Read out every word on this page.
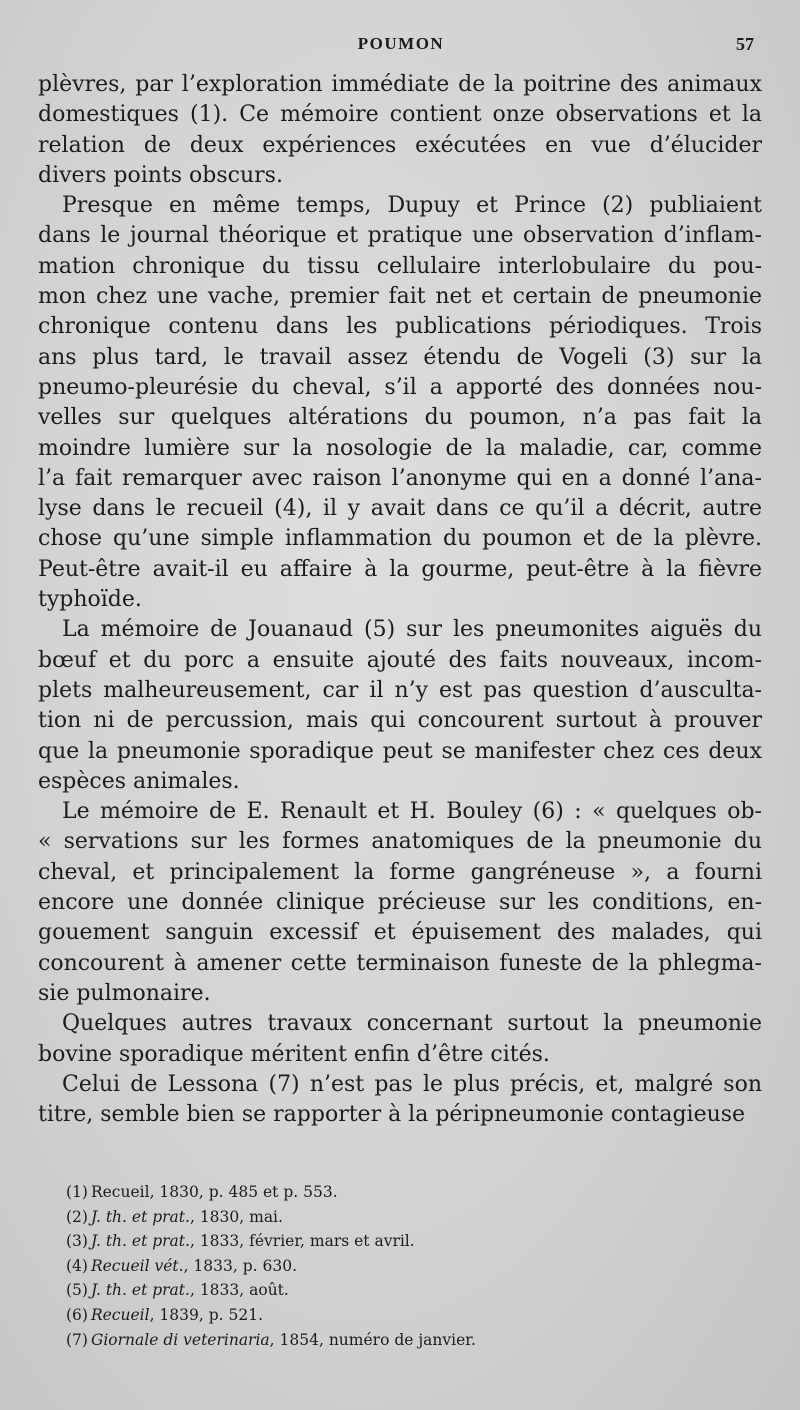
POUMON	57
plèvres, par l’exploration immédiate de la poitrine des animaux
domestiques (1). Ce mémoire contient onze observations et la
relation de deux expériences exécutées en vue d’élucider
divers points obscurs.
Presque en même temps, Dupuy et Prince (2) publiaient
dans le journal théorique et pratique une observation d’inflam-
mation chronique du tissu cellulaire interlobulaire du pou-
mon chez une vache, premier fait net et certain de pneumonie
chronique contenu dans les publications périodiques. Trois
ans plus tard, le travail assez étendu de Vogeli (3) sur la
pneumo-pleurésie du cheval, s’il a apporté des données nou-
velles sur quelques altérations du poumon, n’a pas fait la
moindre lumière sur la nosologie de la maladie, car, comme
l’a fait remarquer avec raison l’anonyme qui en a donné l’ana-
lyse dans le recueil (4), il y avait dans ce qu’il a décrit, autre
chose qu’une simple inflammation du poumon et de la plèvre.
Peut-être avait-il eu affaire à la gourme, peut-être à la fièvre
typhoïde.
La mémoire de Jouanaud (5) sur les pneumonites aiguës du
bœuf et du porc a ensuite ajouté des faits nouveaux, incom-
plets malheureusement, car il n’y est pas question d’ausculta-
tion ni de percussion, mais qui concourent surtout à prouver
que la pneumonie sporadique peut se manifester chez ces deux
espèces animales.
Le mémoire de E. Renault et H. Bouley (6) : « quelques ob-
« servations sur les formes anatomiques de la pneumonie du
cheval, et principalement la forme gangréneuse », a fourni
encore une donnée clinique précieuse sur les conditions, en-
gouement sanguin excessif et épuisement des malades, qui
concourent à amener cette terminaison funeste de la phlegma-
sie pulmonaire.
Quelques autres travaux concernant surtout la pneumonie
bovine sporadique méritent enfin d’être cités.
Celui de Lessona (7) n’est pas le plus précis, et, malgré son
titre, semble bien se rapporter à la péripneumonie contagieuse
(1) Recueil, 1830, p. 485 et p. 553.
(2) J. th. et prat., 1830, mai.
(3) J. th. et prat., 1833, février, mars et avril.
(4) Recueil vét., 1833, p. 630.
(5) J. th. et prat., 1833, août.
(6) Recueil, 1839, p. 521.
(7) Giornale di veterinaria, 1854, numéro de janvier.
